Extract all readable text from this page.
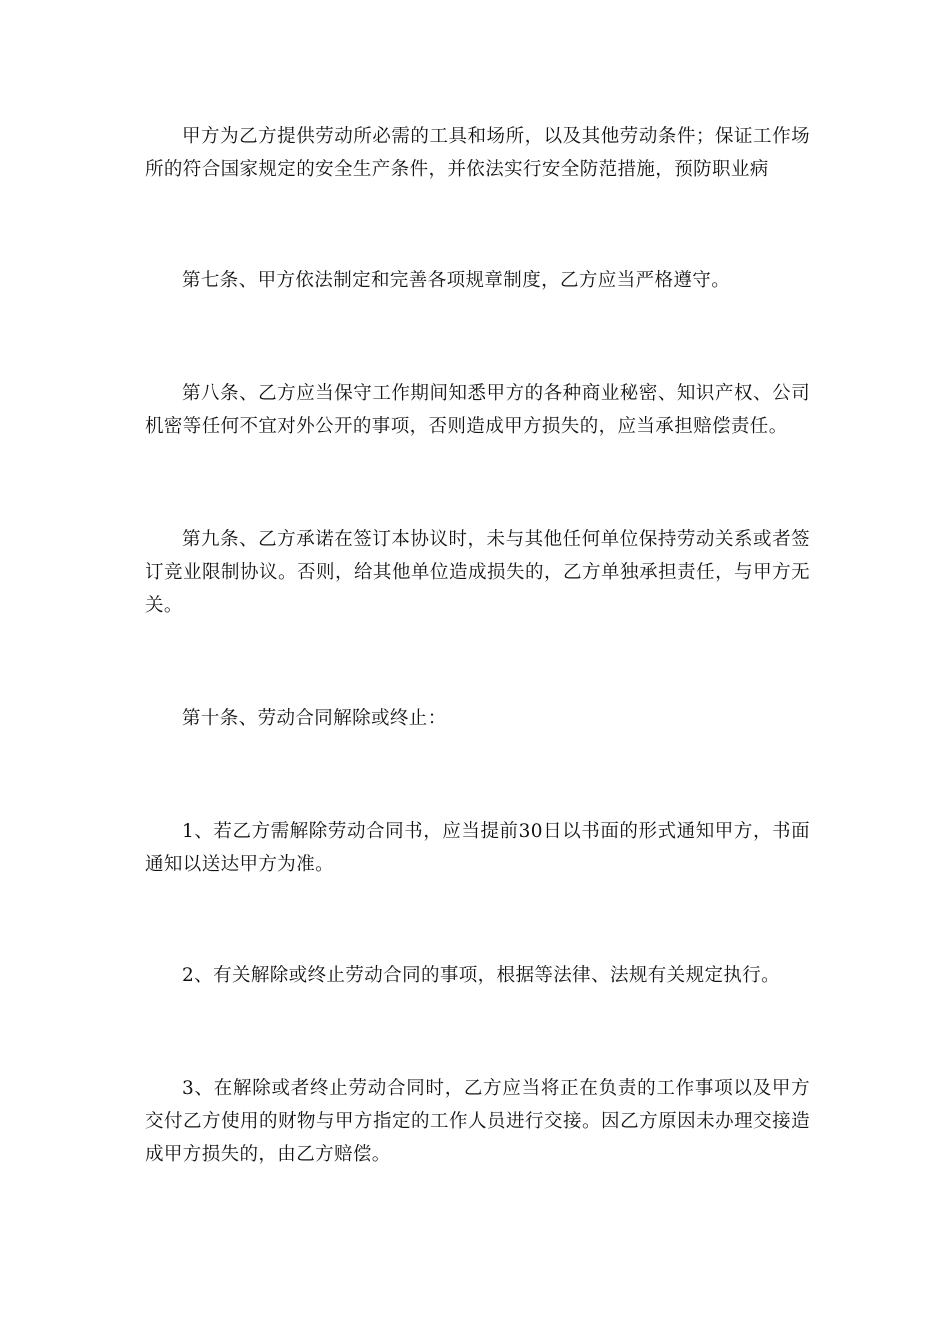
甲方为乙方提供劳动所必需的工具和场所，以及其他劳动条件；保证工作场所的符合国家规定的安全生产条件，并依法实行安全防范措施，预防职业病

第七条、甲方依法制定和完善各项规章制度，乙方应当严格遵守。

第八条、乙方应当保守工作期间知悉甲方的各种商业秘密、知识产权、公司机密等任何不宜对外公开的事项，否则造成甲方损失的，应当承担赔偿责任。

第九条、乙方承诺在签订本协议时，未与其他任何单位保持劳动关系或者签订竞业限制协议。否则，给其他单位造成损失的，乙方单独承担责任，与甲方无关。

第十条、劳动合同解除或终止：

1、若乙方需解除劳动合同书，应当提前30日以书面的形式通知甲方，书面通知以送达甲方为准。

2、有关解除或终止劳动合同的事项，根据等法律、法规有关规定执行。

3、在解除或者终止劳动合同时，乙方应当将正在负责的工作事项以及甲方交付乙方使用的财物与甲方指定的工作人员进行交接。因乙方原因未办理交接造成甲方损失的，由乙方赔偿。
